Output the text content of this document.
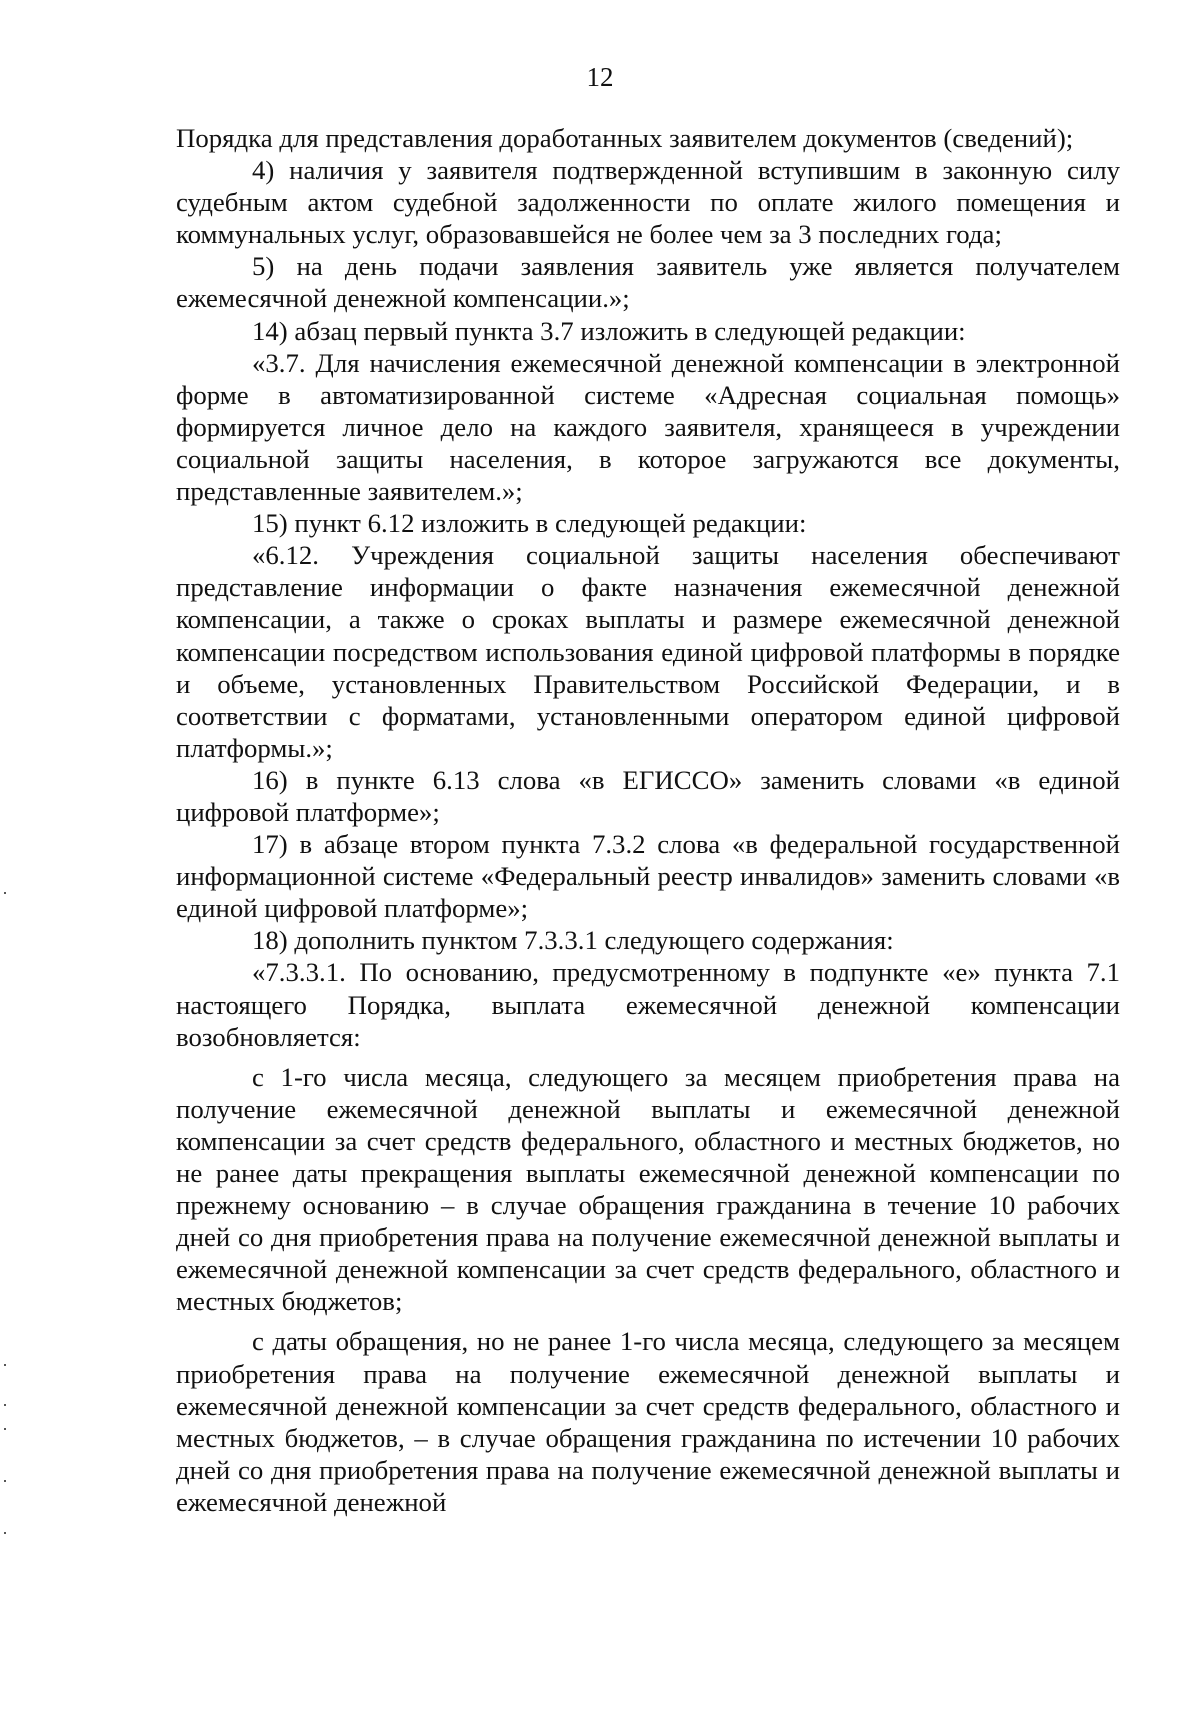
12

Порядка для представления доработанных заявителем документов (сведений);

4) наличия у заявителя подтвержденной вступившим в законную силу судебным актом судебной задолженности по оплате жилого помещения и коммунальных услуг, образовавшейся не более чем за 3 последних года;

5) на день подачи заявления заявитель уже является получателем ежемесячной денежной компенсации.»;

14) абзац первый пункта 3.7 изложить в следующей редакции:

«3.7. Для начисления ежемесячной денежной компенсации в электронной форме в автоматизированной системе «Адресная социальная помощь» формируется личное дело на каждого заявителя, хранящееся в учреждении социальной защиты населения, в которое загружаются все документы, представленные заявителем.»;

15) пункт 6.12 изложить в следующей редакции:

«6.12. Учреждения социальной защиты населения обеспечивают представление информации о факте назначения ежемесячной денежной компенсации, а также о сроках выплаты и размере ежемесячной денежной компенсации посредством использования единой цифровой платформы в порядке и объеме, установленных Правительством Российской Федерации, и в соответствии с форматами, установленными оператором единой цифровой платформы.»;

16) в пункте 6.13 слова «в ЕГИССО» заменить словами «в единой цифровой платформе»;

17) в абзаце втором пункта 7.3.2 слова «в федеральной государственной информационной системе «Федеральный реестр инвалидов» заменить словами «в единой цифровой платформе»;

18) дополнить пунктом 7.3.3.1 следующего содержания:

«7.3.3.1. По основанию, предусмотренному в подпункте «е» пункта 7.1 настоящего Порядка, выплата ежемесячной денежной компенсации возобновляется:

с 1-го числа месяца, следующего за месяцем приобретения права на получение ежемесячной денежной выплаты и ежемесячной денежной компенсации за счет средств федерального, областного и местных бюджетов, но не ранее даты прекращения выплаты ежемесячной денежной компенсации по прежнему основанию – в случае обращения гражданина в течение 10 рабочих дней со дня приобретения права на получение ежемесячной денежной выплаты и ежемесячной денежной компенсации за счет средств федерального, областного и местных бюджетов;

с даты обращения, но не ранее 1-го числа месяца, следующего за месяцем приобретения права на получение ежемесячной денежной выплаты и ежемесячной денежной компенсации за счет средств федерального, областного и местных бюджетов, – в случае обращения гражданина по истечении 10 рабочих дней со дня приобретения права на получение ежемесячной денежной выплаты и ежемесячной денежной
